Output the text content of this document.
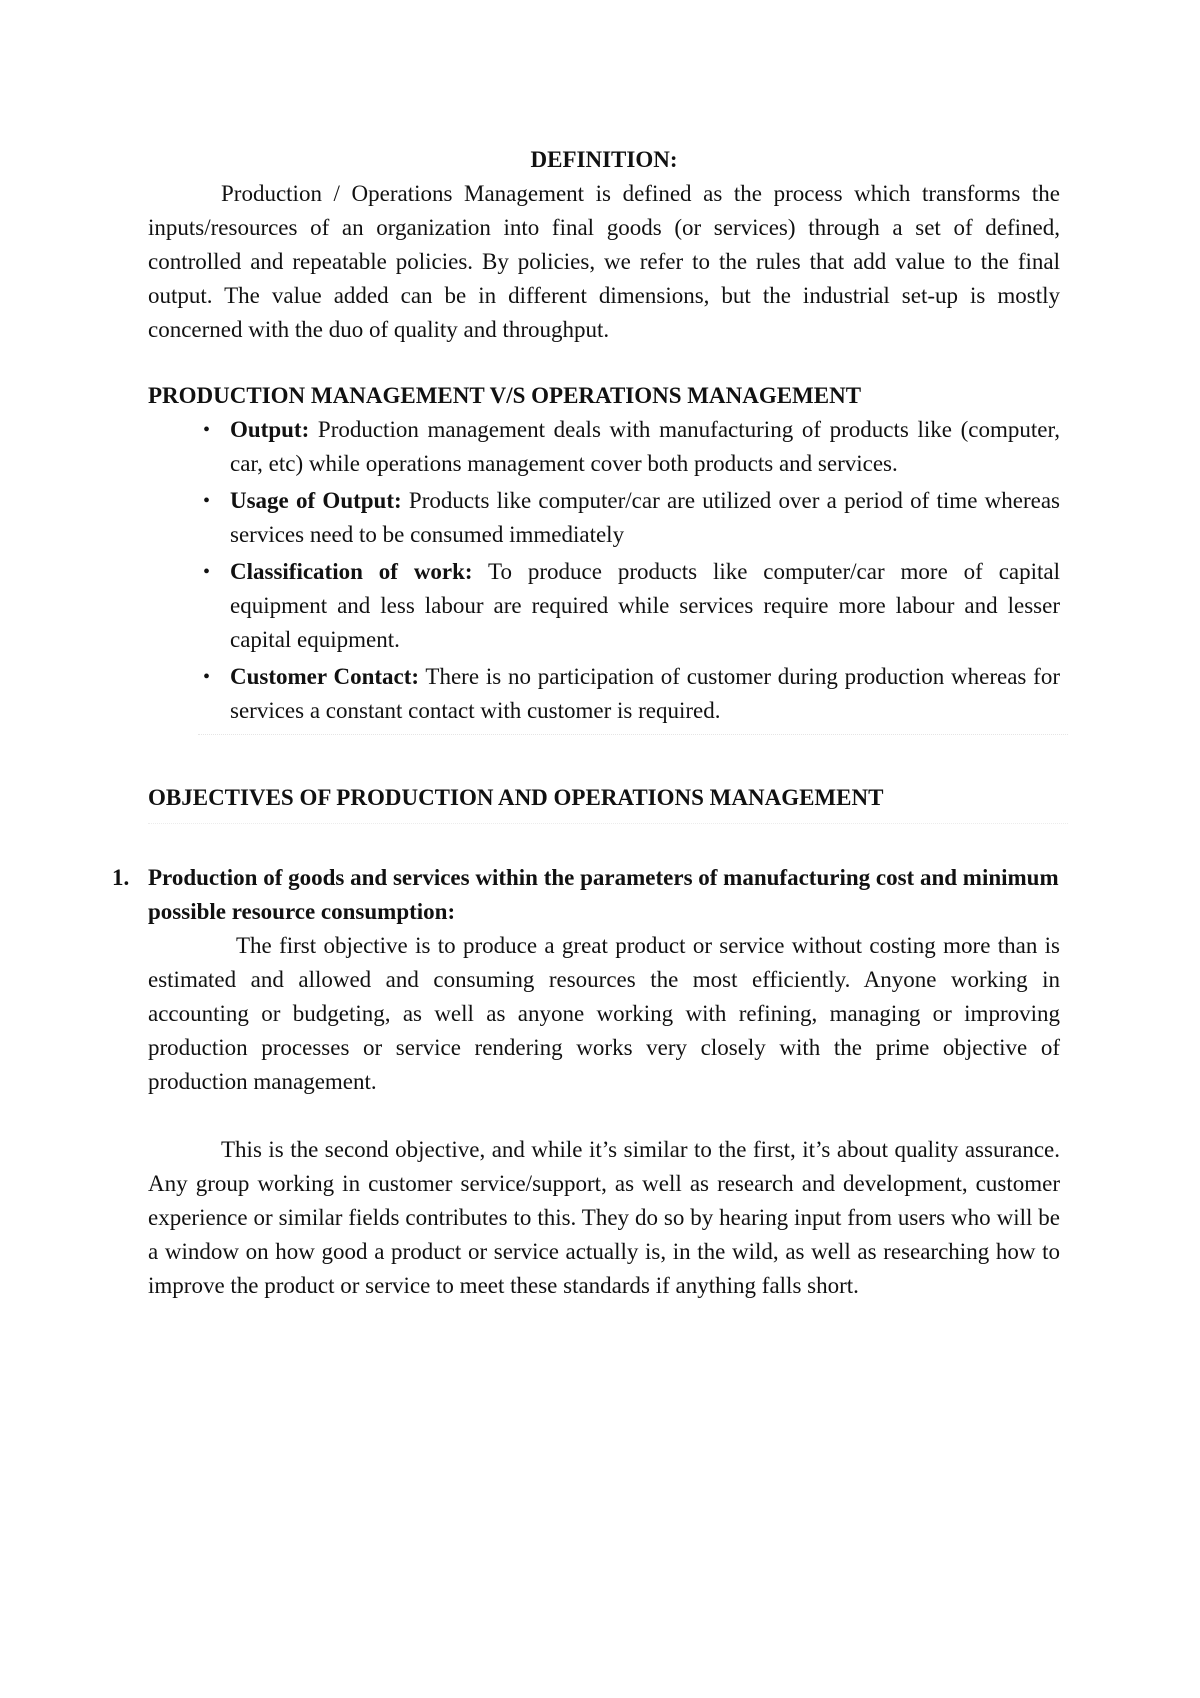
DEFINITION:

Production / Operations Management is defined as the process which transforms the inputs/resources of an organization into final goods (or services) through a set of defined, controlled and repeatable policies. By policies, we refer to the rules that add value to the final output. The value added can be in different dimensions, but the industrial set-up is mostly concerned with the duo of quality and throughput.

PRODUCTION MANAGEMENT V/S OPERATIONS MANAGEMENT
• Output: Production management deals with manufacturing of products like (computer, car, etc) while operations management cover both products and services.
• Usage of Output: Products like computer/car are utilized over a period of time whereas services need to be consumed immediately
• Classification of work: To produce products like computer/car more of capital equipment and less labour are required while services require more labour and lesser capital equipment.
• Customer Contact: There is no participation of customer during production whereas for services a constant contact with customer is required.
OBJECTIVES OF PRODUCTION AND OPERATIONS MANAGEMENT
1. Production of goods and services within the parameters of manufacturing cost and minimum possible resource consumption:

The first objective is to produce a great product or service without costing more than is estimated and allowed and consuming resources the most efficiently. Anyone working in accounting or budgeting, as well as anyone working with refining, managing or improving production processes or service rendering works very closely with the prime objective of production management.

This is the second objective, and while it’s similar to the first, it’s about quality assurance. Any group working in customer service/support, as well as research and development, customer experience or similar fields contributes to this. They do so by hearing input from users who will be a window on how good a product or service actually is, in the wild, as well as researching how to improve the product or service to meet these standards if anything falls short.
